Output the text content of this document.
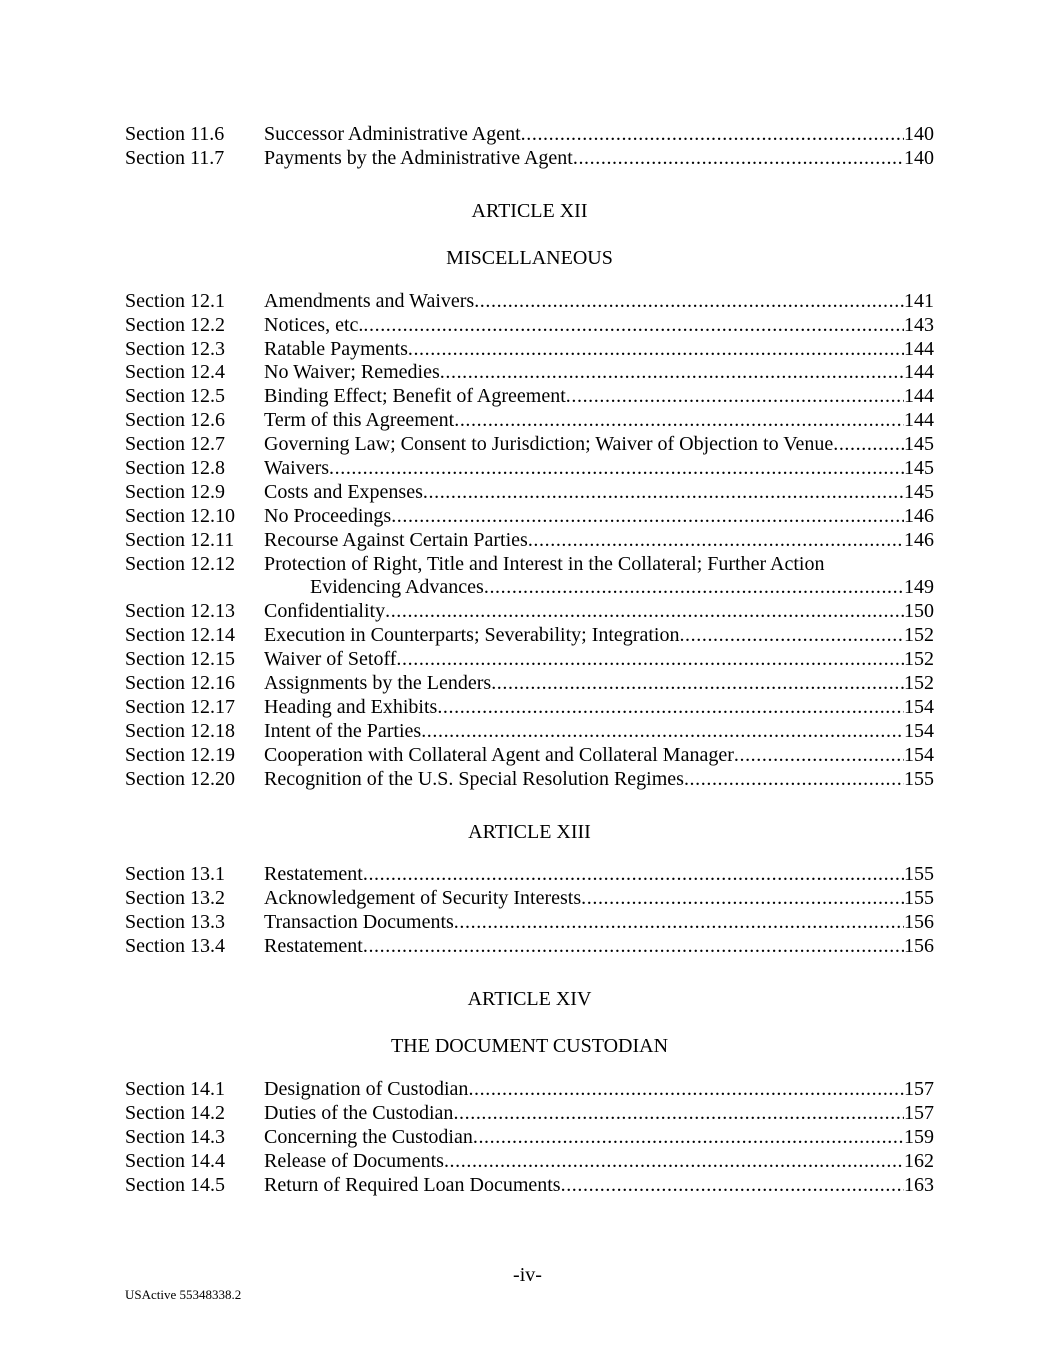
Section 11.6	Successor Administrative Agent .....	140
Section 11.7	Payments by the Administrative Agent .....	140
ARTICLE XII
MISCELLANEOUS
Section 12.1	Amendments and Waivers .....	141
Section 12.2	Notices, etc. .....	143
Section 12.3	Ratable Payments .....	144
Section 12.4	No Waiver; Remedies .....	144
Section 12.5	Binding Effect; Benefit of Agreement .....	144
Section 12.6	Term of this Agreement .....	144
Section 12.7	Governing Law; Consent to Jurisdiction; Waiver of Objection to Venue .....	145
Section 12.8	Waivers .....	145
Section 12.9	Costs and Expenses .....	145
Section 12.10	No Proceedings .....	146
Section 12.11	Recourse Against Certain Parties .....	146
Section 12.12	Protection of Right, Title and Interest in the Collateral; Further Action
Evidencing Advances .....	149
Section 12.13	Confidentiality .....	150
Section 12.14	Execution in Counterparts; Severability; Integration .....	152
Section 12.15	Waiver of Setoff .....	152
Section 12.16	Assignments by the Lenders .....	152
Section 12.17	Heading and Exhibits .....	154
Section 12.18	Intent of the Parties .....	154
Section 12.19	Cooperation with Collateral Agent and Collateral Manager .....	154
Section 12.20	Recognition of the U.S. Special Resolution Regimes .....	155
ARTICLE XIII
Section 13.1	Restatement .....	155
Section 13.2	Acknowledgement of Security Interests .....	155
Section 13.3	Transaction Documents .....	156
Section 13.4	Restatement .....	156
ARTICLE XIV
THE DOCUMENT CUSTODIAN
Section 14.1	Designation of Custodian .....	157
Section 14.2	Duties of the Custodian .....	157
Section 14.3	Concerning the Custodian .....	159
Section 14.4	Release of Documents .....	162
Section 14.5	Return of Required Loan Documents .....	163
-iv-
USActive 55348338.2
